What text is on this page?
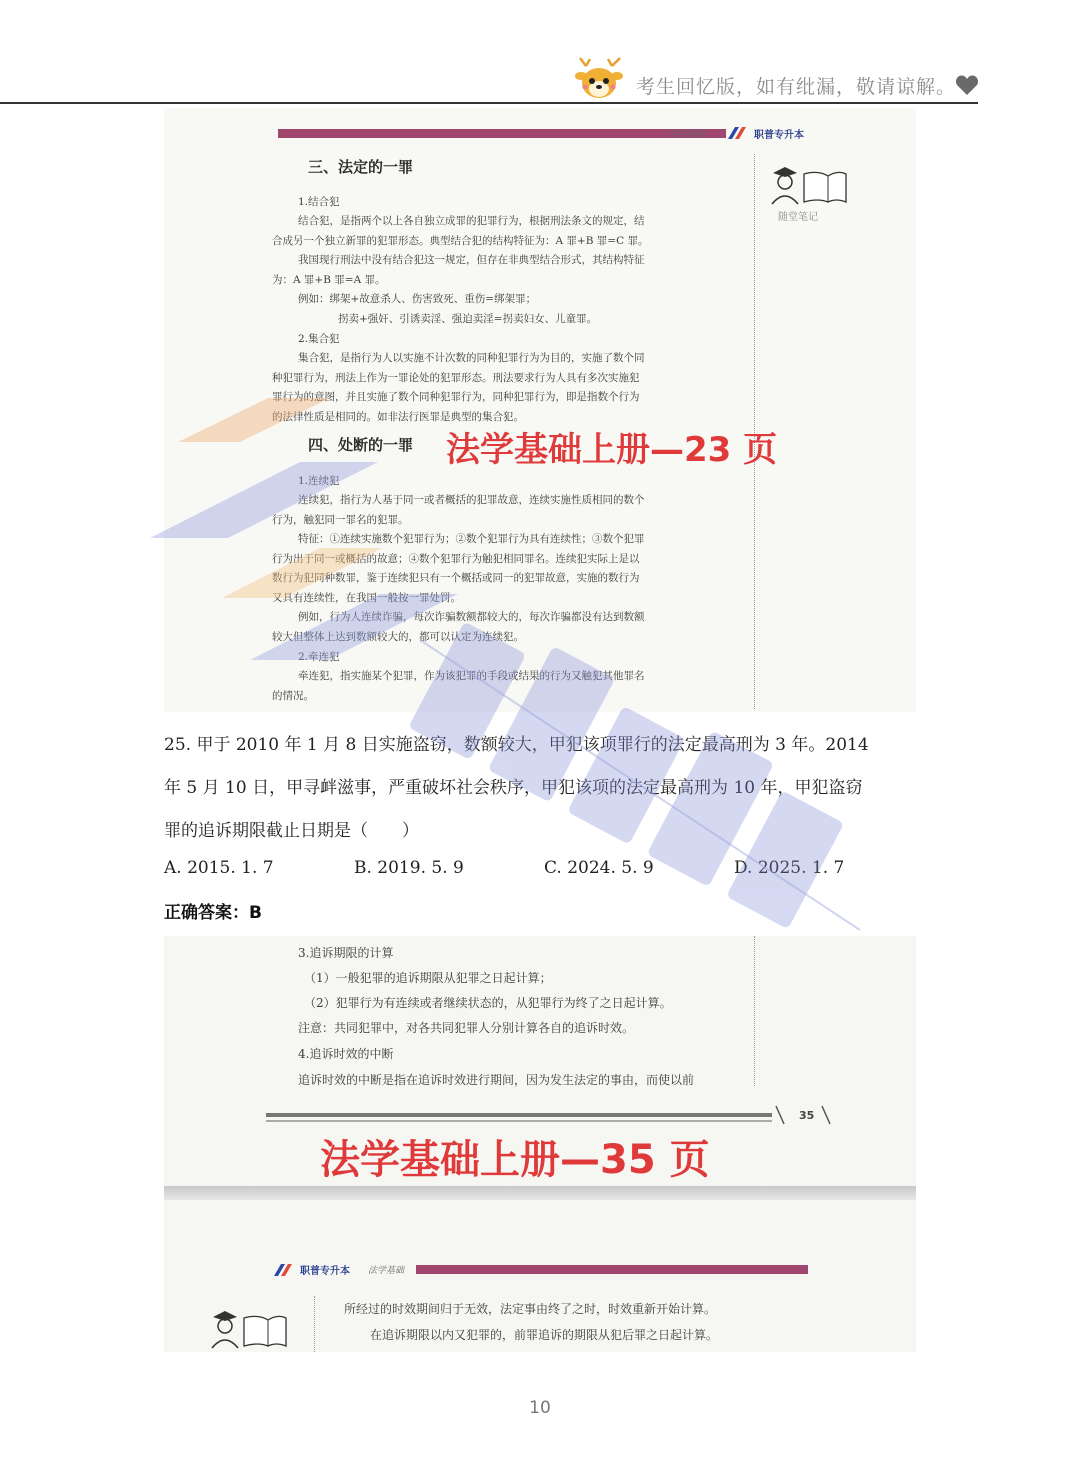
考生回忆版，如有纰漏，敬请谅解。
法学基础	职普专升本
随堂笔记
三、法定的一罪
1.结合犯
结合犯，是指两个以上各自独立成罪的犯罪行为，根据刑法条文的规定，结
合成另一个独立新罪的犯罪形态。典型结合犯的结构特征为：A 罪+B 罪=C 罪。
我国现行刑法中没有结合犯这一规定，但存在非典型结合形式，其结构特征
为：A 罪+B 罪=A 罪。
例如：绑架+故意杀人、伤害致死、重伤=绑架罪；
拐卖+强奸、引诱卖淫、强迫卖淫=拐卖妇女、儿童罪。
2.集合犯
集合犯，是指行为人以实施不计次数的同种犯罪行为为目的，实施了数个同
种犯罪行为，刑法上作为一罪论处的犯罪形态。刑法要求行为人具有多次实施犯
罪行为的意图，并且实施了数个同种犯罪行为，同种犯罪行为，即是指数个行为
的法律性质是相同的。如非法行医罪是典型的集合犯。
四、处断的一罪 法学基础上册—23 页
1.连续犯
连续犯，指行为人基于同一或者概括的犯罪故意，连续实施性质相同的数个
行为，触犯同一罪名的犯罪。
特征：①连续实施数个犯罪行为；②数个犯罪行为具有连续性；③数个犯罪
行为出于同一或概括的故意；④数个犯罪行为触犯相同罪名。连续犯实际上是以
数行为犯同种数罪，鉴于连续犯只有一个概括或同一的犯罪故意，实施的数行为
又具有连续性，在我国一般按一罪处罚。
例如，行为人连续诈骗，每次诈骗数额都较大的，每次诈骗都没有达到数额
较大但整体上达到数额较大的，都可以认定为连续犯。
2.牵连犯
牵连犯，指实施某个犯罪，作为该犯罪的手段或结果的行为又触犯其他罪名
的情况。
25. 甲于 2010 年 1 月 8 日实施盗窃，数额较大，甲犯该项罪行的法定最高刑为 3 年。2014
年 5 月 10 日，甲寻衅滋事，严重破坏社会秩序，甲犯该项的法定最高刑为 10 年，甲犯盗窃
罪的追诉期限截止日期是（　　）
A. 2015. 1. 7	B. 2019. 5. 9	C. 2024. 5. 9	D. 2025. 1. 7
正确答案：B
3.追诉期限的计算
（1）一般犯罪的追诉期限从犯罪之日起计算；
（2）犯罪行为有连续或者继续状态的，从犯罪行为终了之日起计算。
注意：共同犯罪中，对各共同犯罪人分别计算各自的追诉时效。
4.追诉时效的中断
追诉时效的中断是指在追诉时效进行期间，因为发生法定的事由，而使以前
35
法学基础上册—35 页
职普专升本 法学基础
所经过的时效期间归于无效，法定事由终了之时，时效重新开始计算。
在追诉期限以内又犯罪的，前罪追诉的期限从犯后罪之日起计算。
10
